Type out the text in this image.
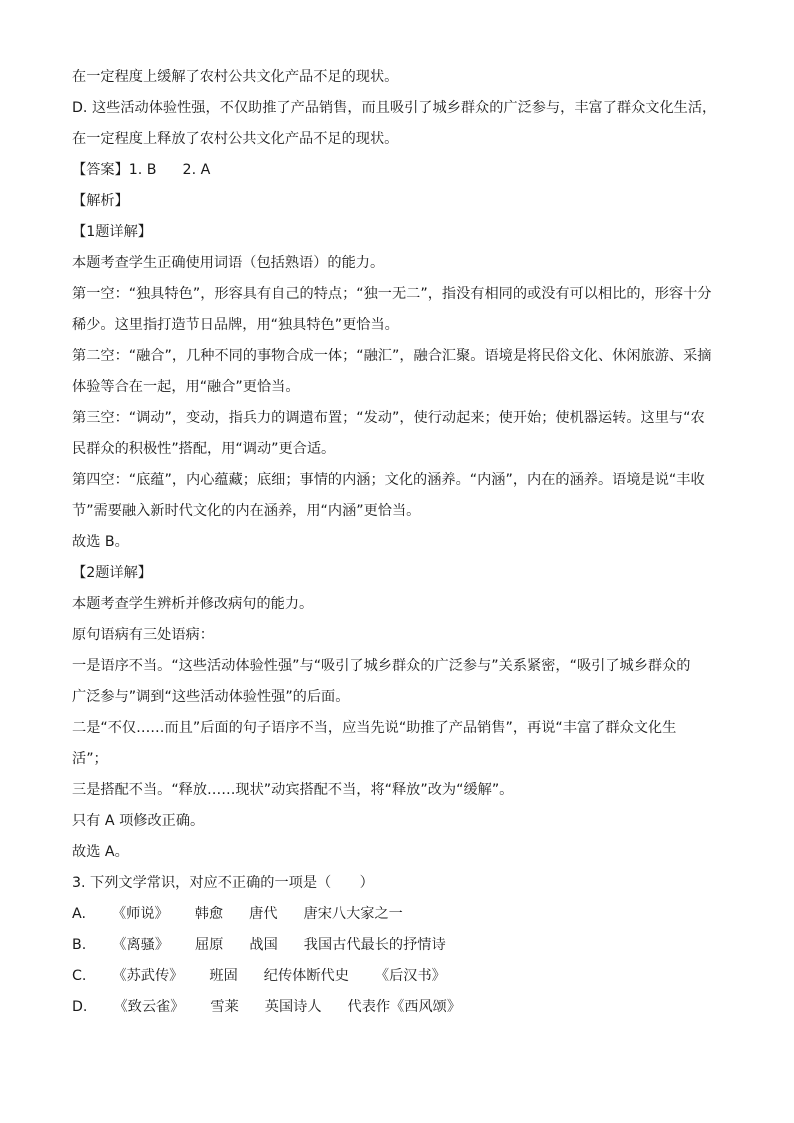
在一定程度上缓解了农村公共文化产品不足的现状。
D. 这些活动体验性强，不仅助推了产品销售，而且吸引了城乡群众的广泛参与，丰富了群众文化生活，
在一定程度上释放了农村公共文化产品不足的现状。
【答案】1. B 2. A
【解析】
【1题详解】
本题考查学生正确使用词语（包括熟语）的能力。
第一空：“独具特色”，形容具有自己的特点；“独一无二”，指没有相同的或没有可以相比的，形容十分
稀少。这里指打造节日品牌，用“独具特色”更恰当。
第二空：“融合”，几种不同的事物合成一体；“融汇”，融合汇聚。语境是将民俗文化、休闲旅游、采摘
体验等合在一起，用“融合”更恰当。
第三空：“调动”，变动，指兵力的调遣布置；“发动”，使行动起来；使开始；使机器运转。这里与“农
民群众的积极性”搭配，用“调动”更合适。
第四空：“底蕴”，内心蕴藏；底细；事情的内涵；文化的涵养。“内涵”，内在的涵养。语境是说“丰收
节”需要融入新时代文化的内在涵养，用“内涵”更恰当。
故选 B。
【2题详解】
本题考查学生辨析并修改病句的能力。
原句语病有三处语病：
一是语序不当。“这些活动体验性强”与“吸引了城乡群众的广泛参与”关系紧密，“吸引了城乡群众的
广泛参与”调到“这些活动体验性强”的后面。
二是“不仅……而且”后面的句子语序不当，应当先说“助推了产品销售”，再说“丰富了群众文化生
活”；
三是搭配不当。“释放……现状”动宾搭配不当，将“释放”改为“缓解”。
只有 A 项修改正确。
故选 A。
3. 下列文学常识，对应不正确的一项是（　　）
A. 《师说》 韩愈 唐代 唐宋八大家之一
B. 《离骚》 屈原 战国 我国古代最长的抒情诗
C. 《苏武传》 班固 纪传体断代史 《后汉书》
D. 《致云雀》 雪莱 英国诗人 代表作《西风颂》
